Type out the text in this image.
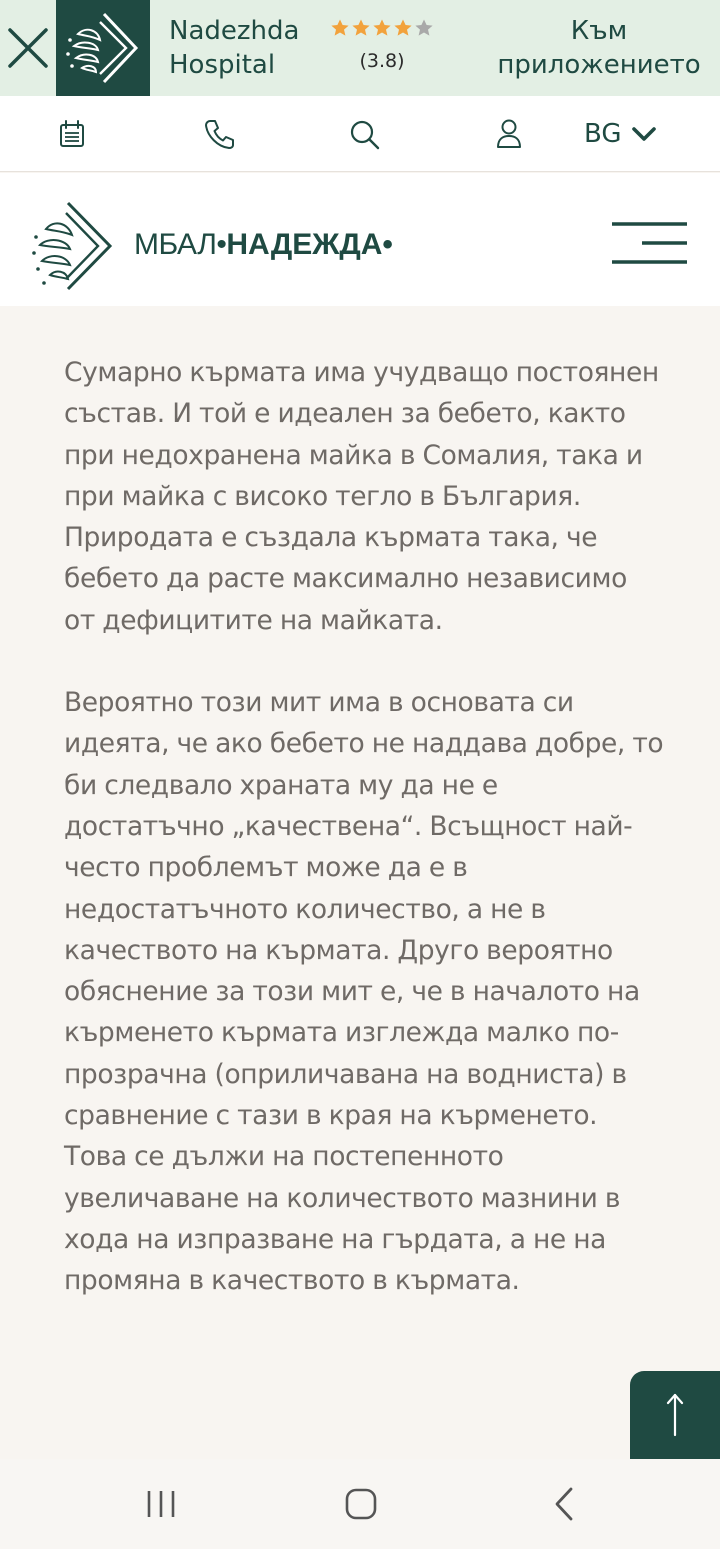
Nadezhda
Hospital	(3.8)
Към
приложението
BG
МБАЛ•НАДЕЖДА•

Сумарно кърмата има учудващо постоянен състав. И той е идеален за бебето, както при недохранена майка в Сомалия, така и при майка с високо тегло в България. Природата е създала кърмата така, че бебето да расте максимално независимо от дефицитите на майката.

Вероятно този мит има в основата си идеята, че ако бебето не наддава добре, то би следвало храната му да не е достатъчно „качествена“. Всъщност най-често проблемът може да е в недостатъчното количество, а не в качеството на кърмата. Друго вероятно обяснение за този мит е, че в началото на кърменето кърмата изглежда малко по-прозрачна (оприличавана на водниста) в сравнение с тази в края на кърменето. Това се дължи на постепенното увеличаване на количеството мазнини в хода на изпразване на гърдата, а не на промяна в качеството в кърмата.
